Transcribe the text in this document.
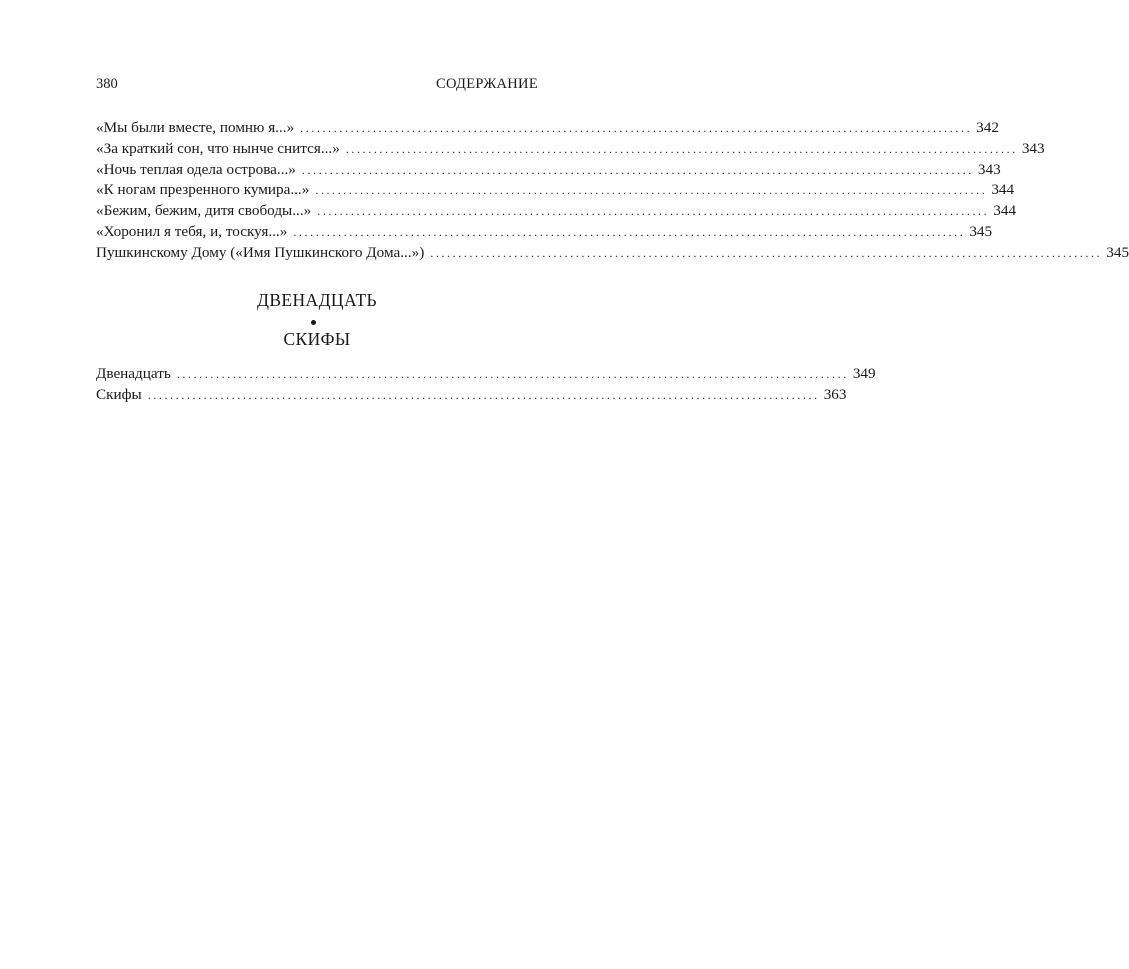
380	СОДЕРЖАНИЕ
«Мы были вместе, помню я...» ........................................................................................................................ 342
«За краткий сон, что нынче снится...» ........................................................................................................................ 343
«Ночь теплая одела острова...» ........................................................................................................................ 343
«К ногам презренного кумира...» ........................................................................................................................ 344
«Бежим, бежим, дитя свободы...» ........................................................................................................................ 344
«Хоронил я тебя, и, тоскуя...» ........................................................................................................................ 345
Пушкинскому Дому («Имя Пушкинского Дома...») ........................................................................................................................ 345
ДВЕНАДЦАТЬ
СКИФЫ
Двенадцать ........................................................................................................................ 349
Скифы ........................................................................................................................ 363
